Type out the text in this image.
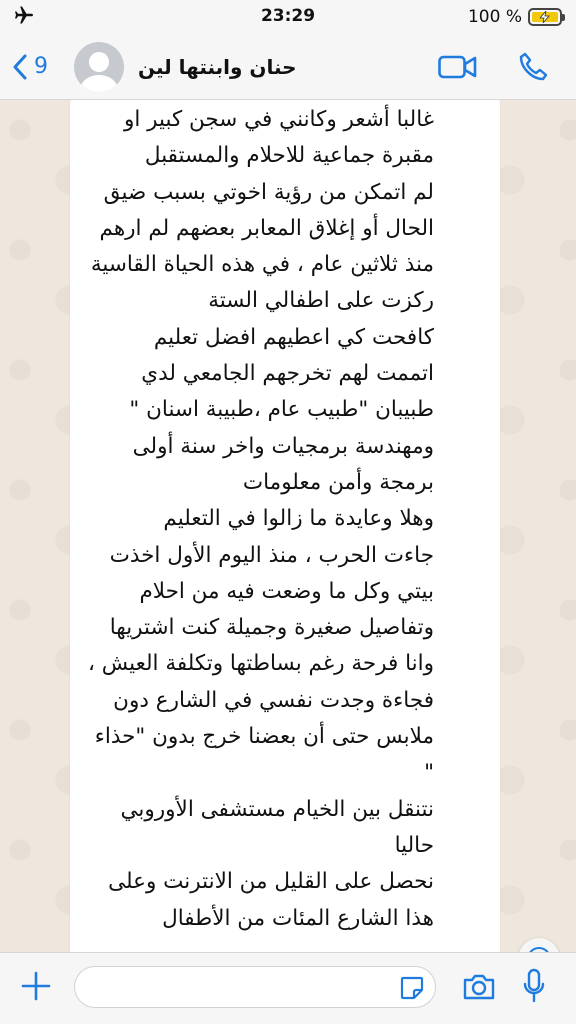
23:29	100 %
9	حنان وابنتها لين
غالبا أشعر وكانني في سجن كبير او
مقبرة جماعية للاحلام والمستقبل
لم اتمكن من رؤية اخوتي بسبب ضيق
الحال أو إغلاق المعابر بعضهم لم ارهم
منذ ثلاثين عام ، في هذه الحياة القاسية
ركزت على اطفالي الستة
كافحت كي اعطيهم افضل تعليم
اتممت لهم تخرجهم الجامعي لدي
طبيبان "طبيب عام ،طبيبة اسنان "
ومهندسة برمجيات واخر سنة أولى
برمجة وأمن معلومات
وهلا وعايدة ما زالوا في التعليم
جاءت الحرب ، منذ اليوم الأول اخذت
بيتي وكل ما وضعت فيه من احلام
وتفاصيل صغيرة وجميلة كنت اشتريها
وانا فرحة رغم بساطتها وتكلفة العيش ،
فجاءة وجدت نفسي في الشارع دون
ملابس حتى أن بعضنا خرج بدون "حذاء
"
نتنقل بين الخيام مستشفى الأوروبي
حاليا
نحصل على القليل من الانترنت وعلى
هذا الشارع المئات من الأطفال
